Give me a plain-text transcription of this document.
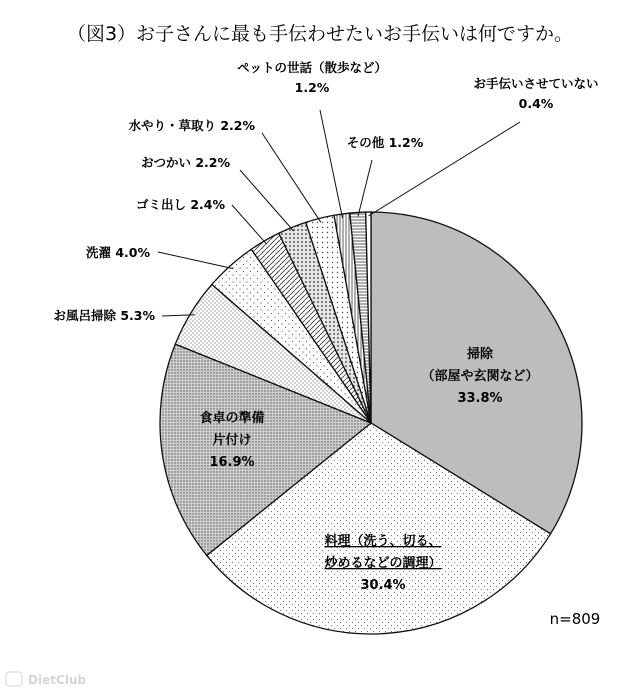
（図3）お子さんに最も手伝わせたいお手伝いは何ですか。
掃除（部屋や玄関など） 33.8%
料理（洗う、切る、炒めるなどの調理） 30.4%
食卓の準備片付け 16.9%
お風呂掃除 5.3%
洗濯 4.0%
ゴミ出し 2.4%
おつかい 2.2%
水やり・草取り 2.2%
ペットの世話（散歩など） 1.2%
その他 1.2%
お手伝いさせていない 0.4%
n=809
DietClub
